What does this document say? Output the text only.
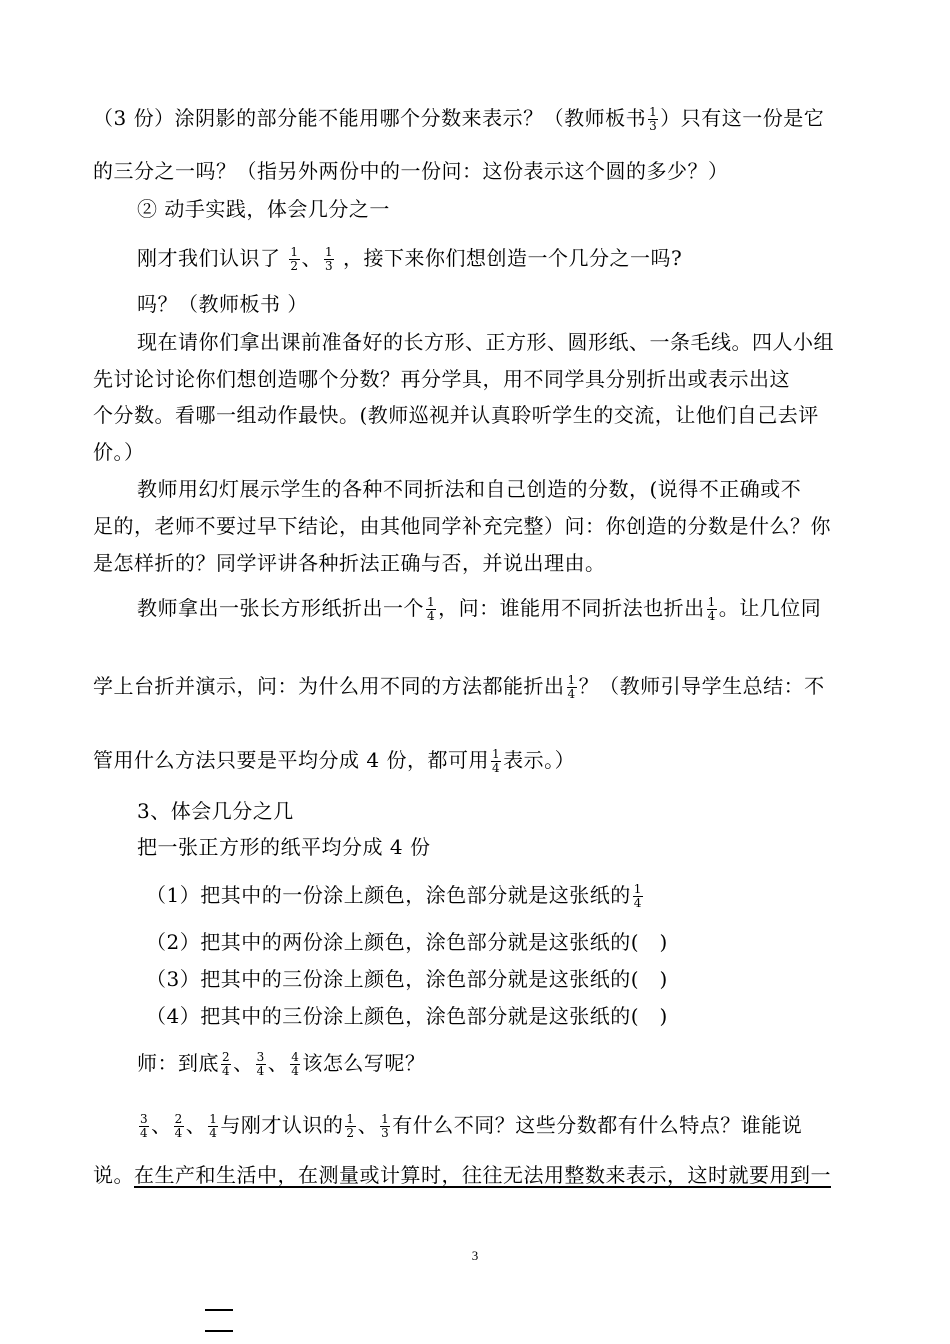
（3 份）涂阴影的部分能不能用哪个分数来表示？（教师板书 $\frac{1}{3}$ ）只有这一份是它
的三分之一吗？（指另外两份中的一份问：这份表示这个圆的多少？）
② 动手实践，体会几分之一
刚才我们认识了 $\frac{1}{2}$ 、 $\frac{1}{3}$ ，接下来你们想创造一个几分之一吗?
吗？（教师板书 ）
现在请你们拿出课前准备好的长方形、正方形、圆形纸、一条毛线。四人小组
先讨论讨论你们想创造哪个分数？再分学具，用不同学具分别折出或表示出这
个分数。看哪一组动作最快。(教师巡视并认真聆听学生的交流，让他们自己去评
价。）
教师用幻灯展示学生的各种不同折法和自己创造的分数，(说得不正确或不
足的，老师不要过早下结论，由其他同学补充完整）问：你创造的分数是什么？你
是怎样折的？同学评讲各种折法正确与否，并说出理由。
教师拿出一张长方形纸折出一个 $\frac{1}{4}$ ，问：谁能用不同折法也折出 $\frac{1}{4}$ 。让几位同
学上台折并演示，问：为什么用不同的方法都能折出 $\frac{1}{4}$ ？（教师引导学生总结：不
管用什么方法只要是平均分成 4 份，都可用 $\frac{1}{4}$ 表示。）
3、体会几分之几
把一张正方形的纸平均分成 4 份
（1）把其中的一份涂上颜色，涂色部分就是这张纸的 $\frac{1}{4}$
（2）把其中的两份涂上颜色，涂色部分就是这张纸的(　)
（3）把其中的三份涂上颜色，涂色部分就是这张纸的(　)
（4）把其中的三份涂上颜色，涂色部分就是这张纸的(　)
师：到底 $\frac{2}{4}$ 、 $\frac{3}{4}$ 、 $\frac{4}{4}$ 该怎么写呢？
$\frac{3}{4}$ 、 $\frac{2}{4}$ 、 $\frac{1}{4}$ 与刚才认识的 $\frac{1}{2}$ 、 $\frac{1}{3}$ 有什么不同？这些分数都有什么特点？谁能说
说。在生产和生活中，在测量或计算时，往往无法用整数来表示，这时就要用到一
3
